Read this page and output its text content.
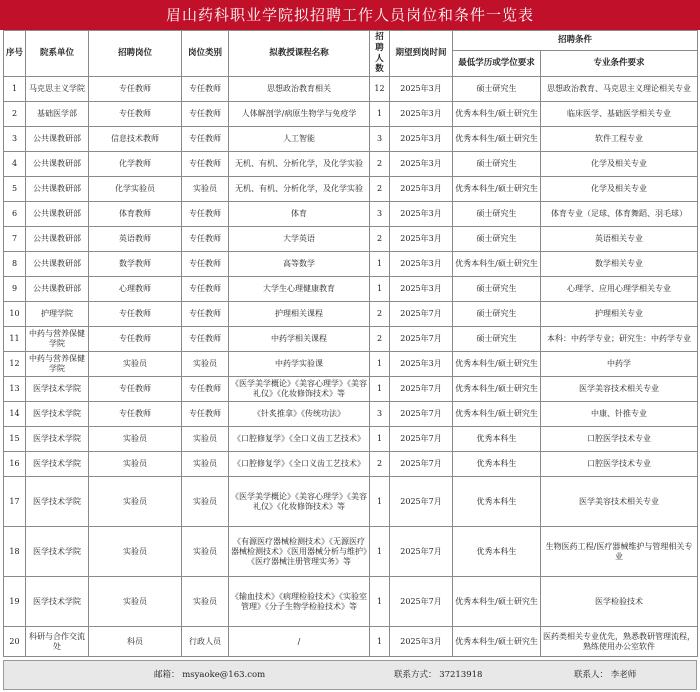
眉山药科职业学院拟招聘工作人员岗位和条件一览表
序号	院系单位	招聘岗位	岗位类别	拟教授课程名称	招聘人数	期望到岗时间	招聘条件	
							最低学历或学位要求	专业条件要求
1	马克思主义学院	专任教师	专任教师	思想政治教育相关	12	2025年3月	硕士研究生	思想政治教育、马克思主义理论相关专业
2	基础医学部	专任教师	专任教师	人体解剖学/病原生物学与免疫学	1	2025年3月	优秀本科生/硕士研究生	临床医学、基础医学相关专业
3	公共课教研部	信息技术教师	专任教师	人工智能	3	2025年3月	优秀本科生/硕士研究生	软件工程专业
4	公共课教研部	化学教师	专任教师	无机、有机、分析化学，及化学实验	2	2025年3月	硕士研究生	化学及相关专业
5	公共课教研部	化学实验员	实验员	无机、有机、分析化学，及化学实验	2	2025年3月	优秀本科生/硕士研究生	化学及相关专业
6	公共课教研部	体育教师	专任教师	体育	3	2025年3月	硕士研究生	体育专业（足球、体育舞蹈、羽毛球）
7	公共课教研部	英语教师	专任教师	大学英语	2	2025年3月	硕士研究生	英语相关专业
8	公共课教研部	数学教师	专任教师	高等数学	1	2025年3月	优秀本科生/硕士研究生	数学相关专业
9	公共课教研部	心理教师	专任教师	大学生心理健康教育	1	2025年3月	硕士研究生	心理学、应用心理学相关专业
10	护理学院	专任教师	专任教师	护理相关课程	2	2025年7月	硕士研究生	护理相关专业
11	中药与营养保健学院	专任教师	专任教师	中药学相关课程	2	2025年7月	硕士研究生	本科：中药学专业；研究生：中药学专业
12	中药与营养保健学院	实验员	实验员	中药学实验课	1	2025年3月	优秀本科生/硕士研究生	中药学
13	医学技术学院	专任教师	专任教师	《医学美学概论》《美容心理学》《美容礼仪》《化妆修饰技术》等	1	2025年7月	优秀本科生/硕士研究生	医学美容技术相关专业
14	医学技术学院	专任教师	专任教师	《针炙推拿》《传统功法》	3	2025年7月	优秀本科生/硕士研究生	中康、针推专业
15	医学技术学院	实验员	实验员	《口腔修复学》《全口义齿工艺技术》	1	2025年7月	优秀本科生	口腔医学技术专业
16	医学技术学院	实验员	实验员	《口腔修复学》《全口义齿工艺技术》	2	2025年7月	优秀本科生	口腔医学技术专业
17	医学技术学院	实验员	实验员	《医学美学概论》《美容心理学》《美容礼仪》《化妆修饰技术》等	1	2025年7月	优秀本科生	医学美容技术相关专业
18	医学技术学院	实验员	实验员	《有源医疗器械检测技术》《无源医疗器械检测技术》《医用器械分析与维护》《医疗器械注册管理实务》等	1	2025年7月	优秀本科生	生物医药工程/医疗器械维护与管理相关专业
19	医学技术学院	实验员	实验员	《输血技术》《病理检验技术》《实验室管理》《分子生物学检验技术》等	1	2025年7月	优秀本科生/硕士研究生	医学检验技术
20	科研与合作交流处	科员	行政人员	/	1	2025年3月	优秀本科生/硕士研究生	医药类相关专业优先，熟悉教研管理流程，熟练使用办公室软件
邮箱： msyaoke@163.com	联系方式： 37213918	联系人： 李老师
